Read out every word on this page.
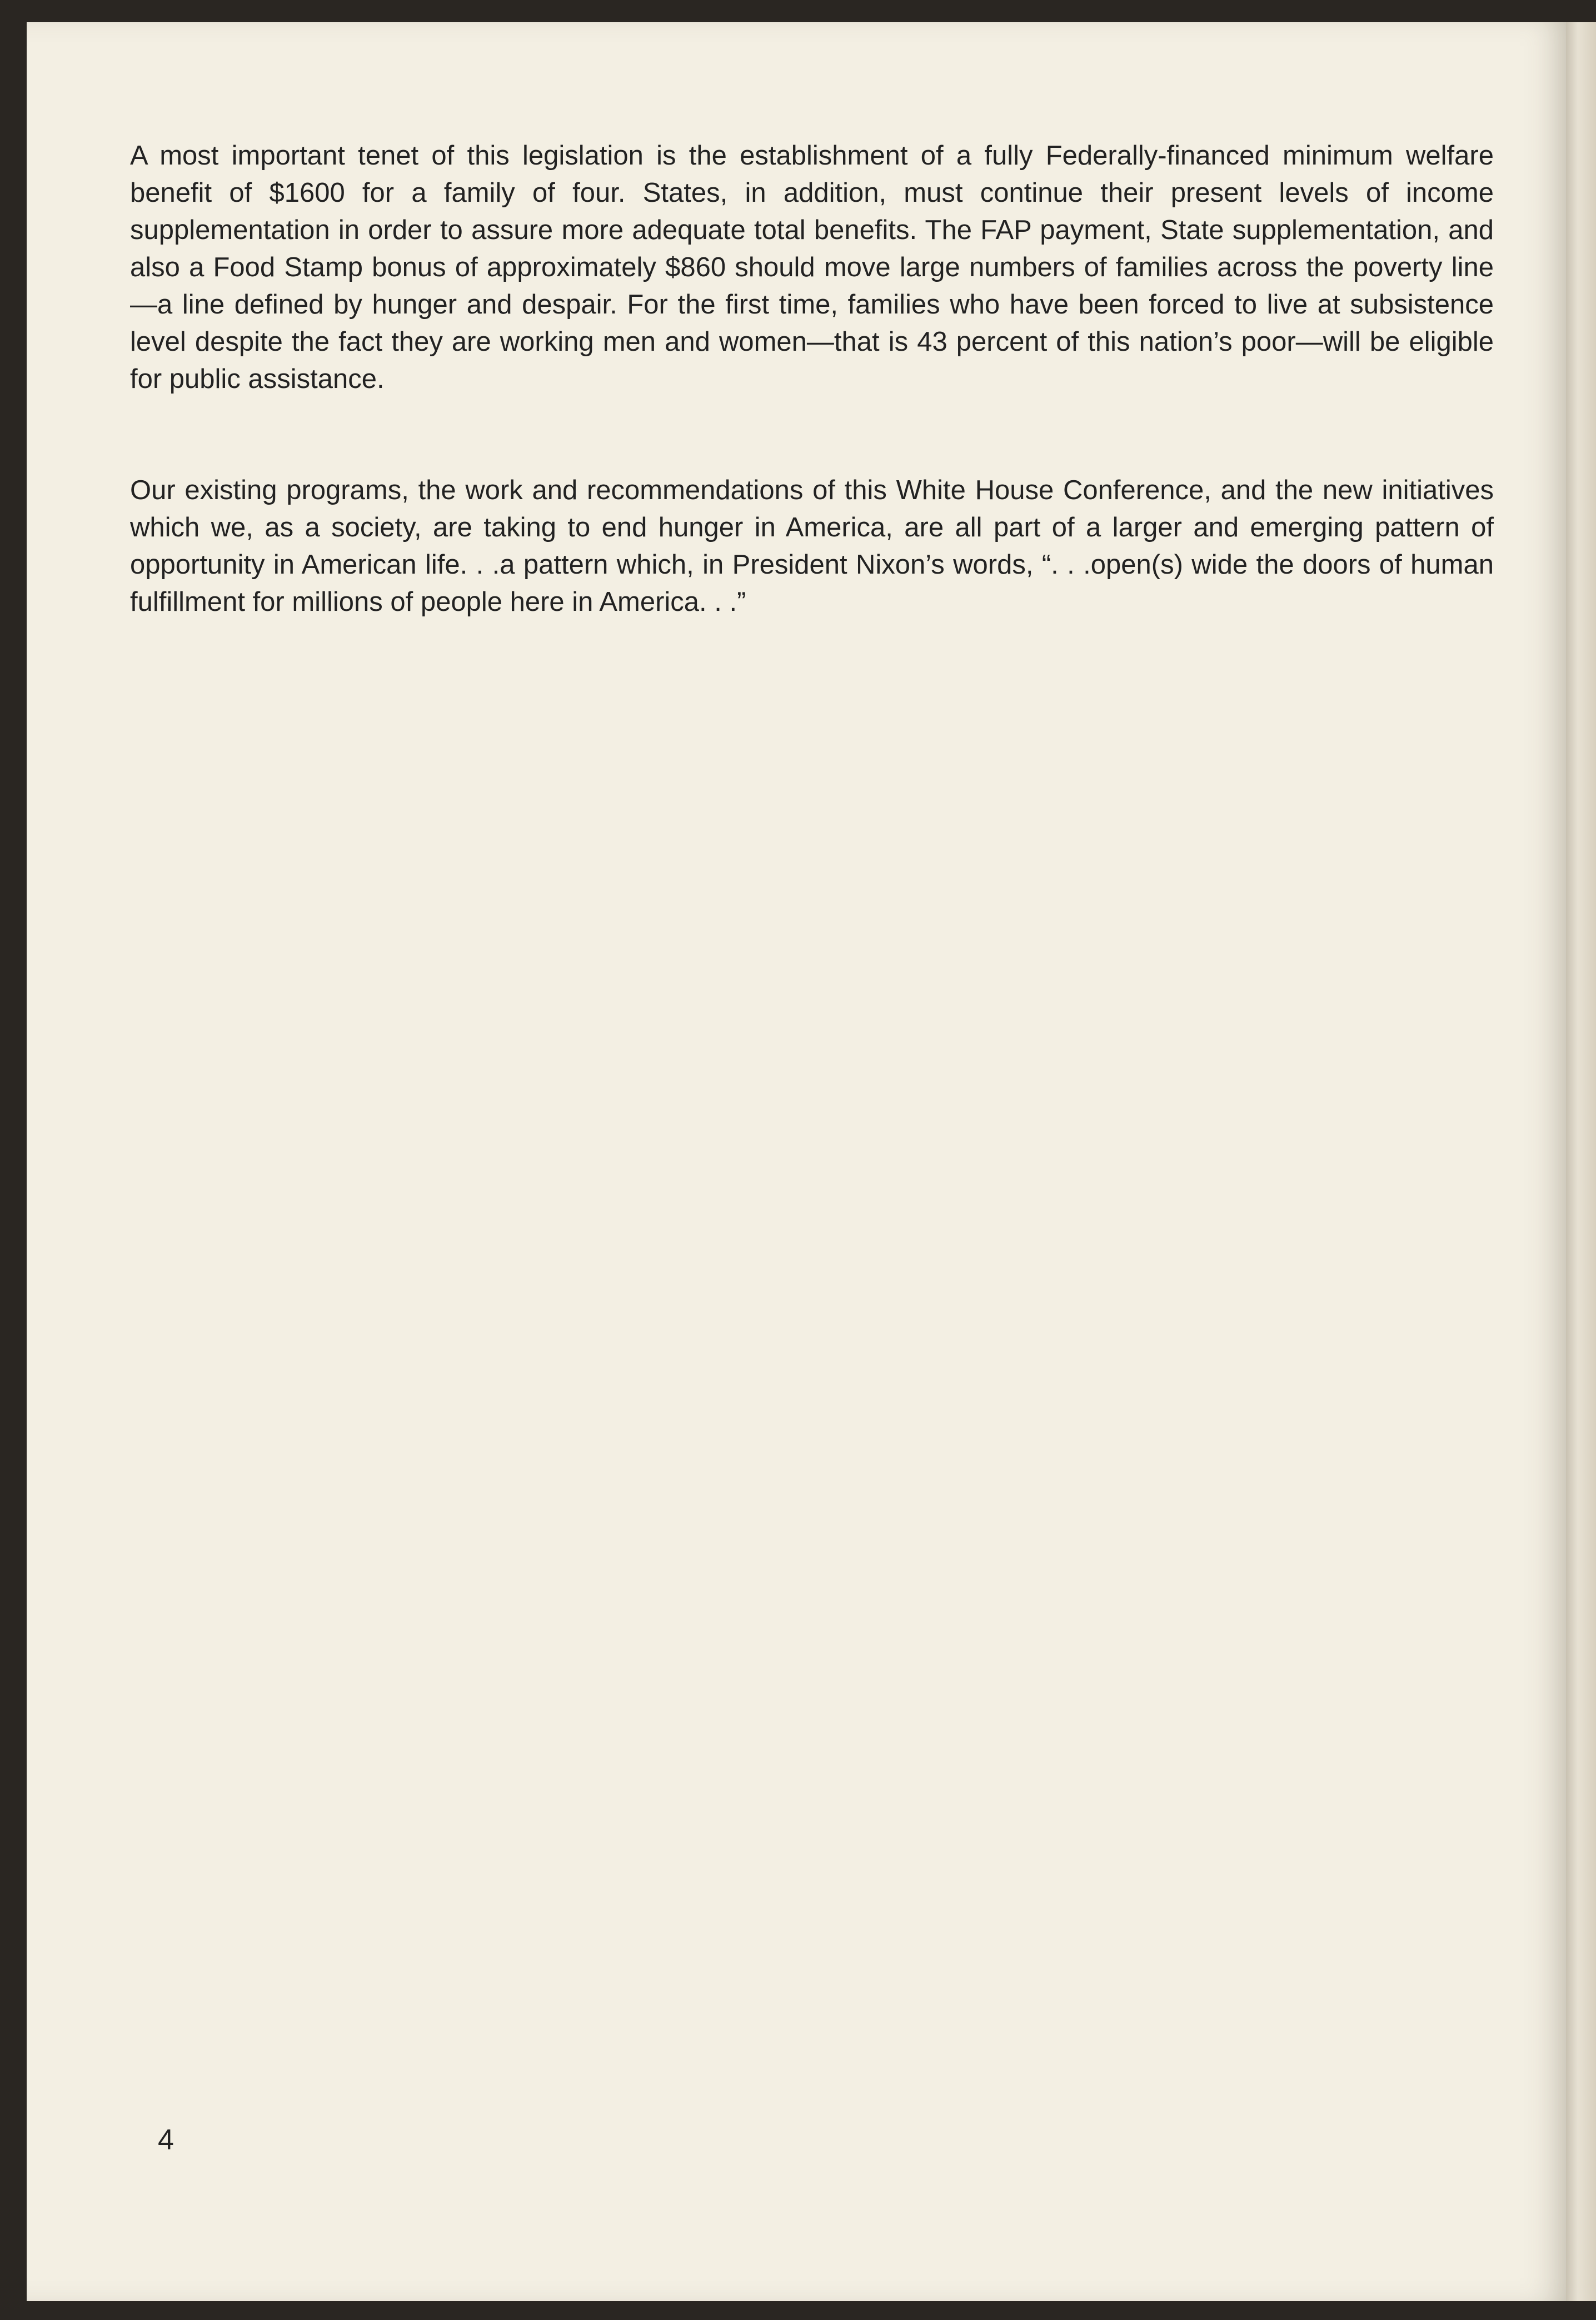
A most important tenet of this legislation is the establishment of a fully Federally-financed minimum welfare benefit of $1600 for a family of four. States, in addition, must continue their present levels of income supplementation in order to assure more adequate total benefits. The FAP payment, State supplementation, and also a Food Stamp bonus of approximately $860 should move large numbers of families across the poverty line—a line defined by hunger and despair. For the first time, families who have been forced to live at subsistence level despite the fact they are working men and women—that is 43 percent of this nation’s poor—will be eligible for public assistance.

Our existing programs, the work and recommendations of this White House Conference, and the new initiatives which we, as a society, are taking to end hunger in America, are all part of a larger and emerging pattern of opportunity in American life. . .a pattern which, in President Nixon’s words, “. . .open(s) wide the doors of human fulfillment for millions of people here in America. . .”

4
